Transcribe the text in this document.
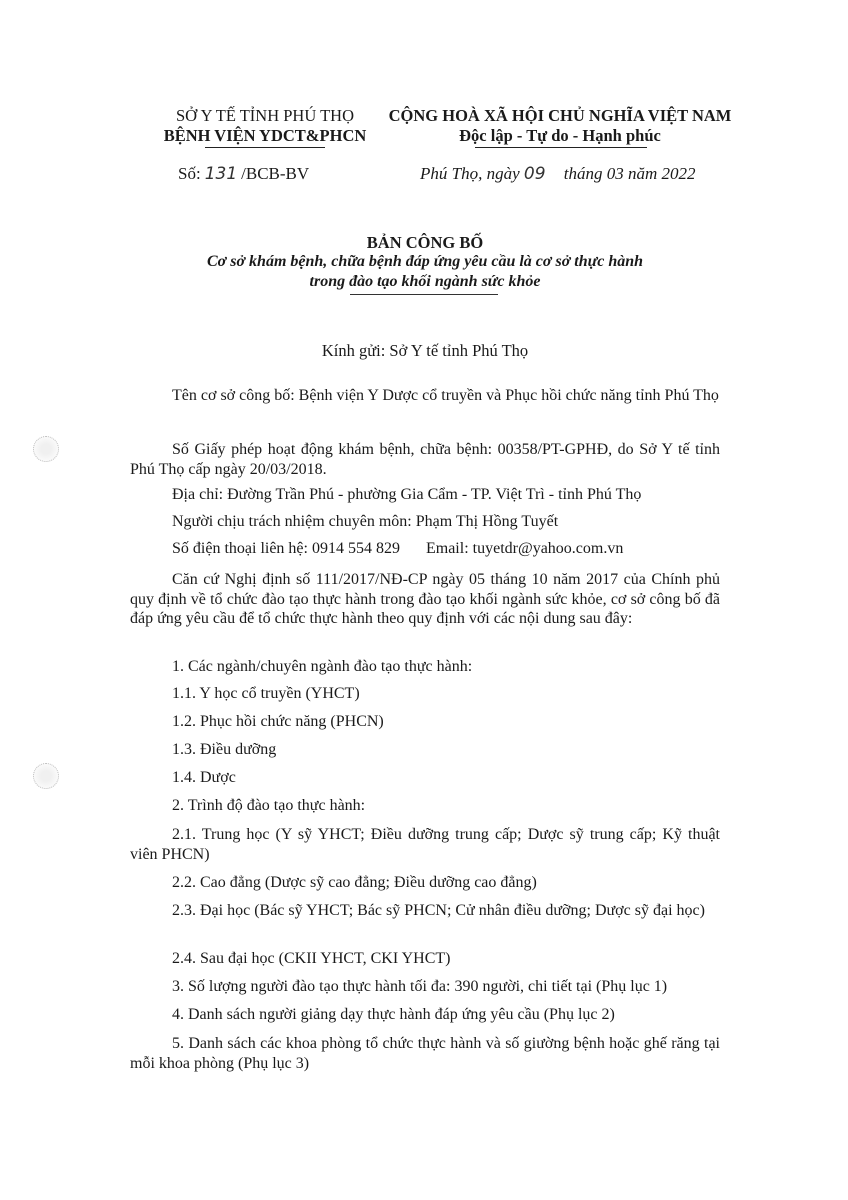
SỞ Y TẾ TỈNH PHÚ THỌ
BỆNH VIỆN YDCT&PHCN
CỘNG HOÀ XÃ HỘI CHỦ NGHĨA VIỆT NAM
Độc lập - Tự do - Hạnh phúc
Số: 131 /BCB-BV	Phú Thọ, ngày 09 tháng 03 năm 2022
BẢN CÔNG BỐ
Cơ sở khám bệnh, chữa bệnh đáp ứng yêu cầu là cơ sở thực hành
trong đào tạo khối ngành sức khỏe
Kính gửi: Sở Y tế tỉnh Phú Thọ

Tên cơ sở công bố: Bệnh viện Y Dược cổ truyền và Phục hồi chức năng tỉnh Phú Thọ

Số Giấy phép hoạt động khám bệnh, chữa bệnh: 00358/PT-GPHĐ, do Sở Y tế tỉnh Phú Thọ cấp ngày 20/03/2018.

Địa chỉ: Đường Trần Phú - phường Gia Cẩm - TP. Việt Trì - tỉnh Phú Thọ

Người chịu trách nhiệm chuyên môn: Phạm Thị Hồng Tuyết

Số điện thoại liên hệ: 0914 554 829 Email: tuyetdr@yahoo.com.vn

Căn cứ Nghị định số 111/2017/NĐ-CP ngày 05 tháng 10 năm 2017 của Chính phủ quy định về tổ chức đào tạo thực hành trong đào tạo khối ngành sức khỏe, cơ sở công bố đã đáp ứng yêu cầu để tổ chức thực hành theo quy định với các nội dung sau đây:

1. Các ngành/chuyên ngành đào tạo thực hành:
1.1. Y học cổ truyền (YHCT)
1.2. Phục hồi chức năng (PHCN)
1.3. Điều dưỡng
1.4. Dược
2. Trình độ đào tạo thực hành:

2.1. Trung học (Y sỹ YHCT; Điều dưỡng trung cấp; Dược sỹ trung cấp; Kỹ thuật viên PHCN)

2.2. Cao đẳng (Dược sỹ cao đẳng; Điều dưỡng cao đẳng)

2.3. Đại học (Bác sỹ YHCT; Bác sỹ PHCN; Cử nhân điều dưỡng; Dược sỹ đại học)

2.4. Sau đại học (CKII YHCT, CKI YHCT)
3. Số lượng người đào tạo thực hành tối đa: 390 người, chi tiết tại (Phụ lục 1)
4. Danh sách người giảng dạy thực hành đáp ứng yêu cầu (Phụ lục 2)

5. Danh sách các khoa phòng tổ chức thực hành và số giường bệnh hoặc ghế răng tại mỗi khoa phòng (Phụ lục 3)
